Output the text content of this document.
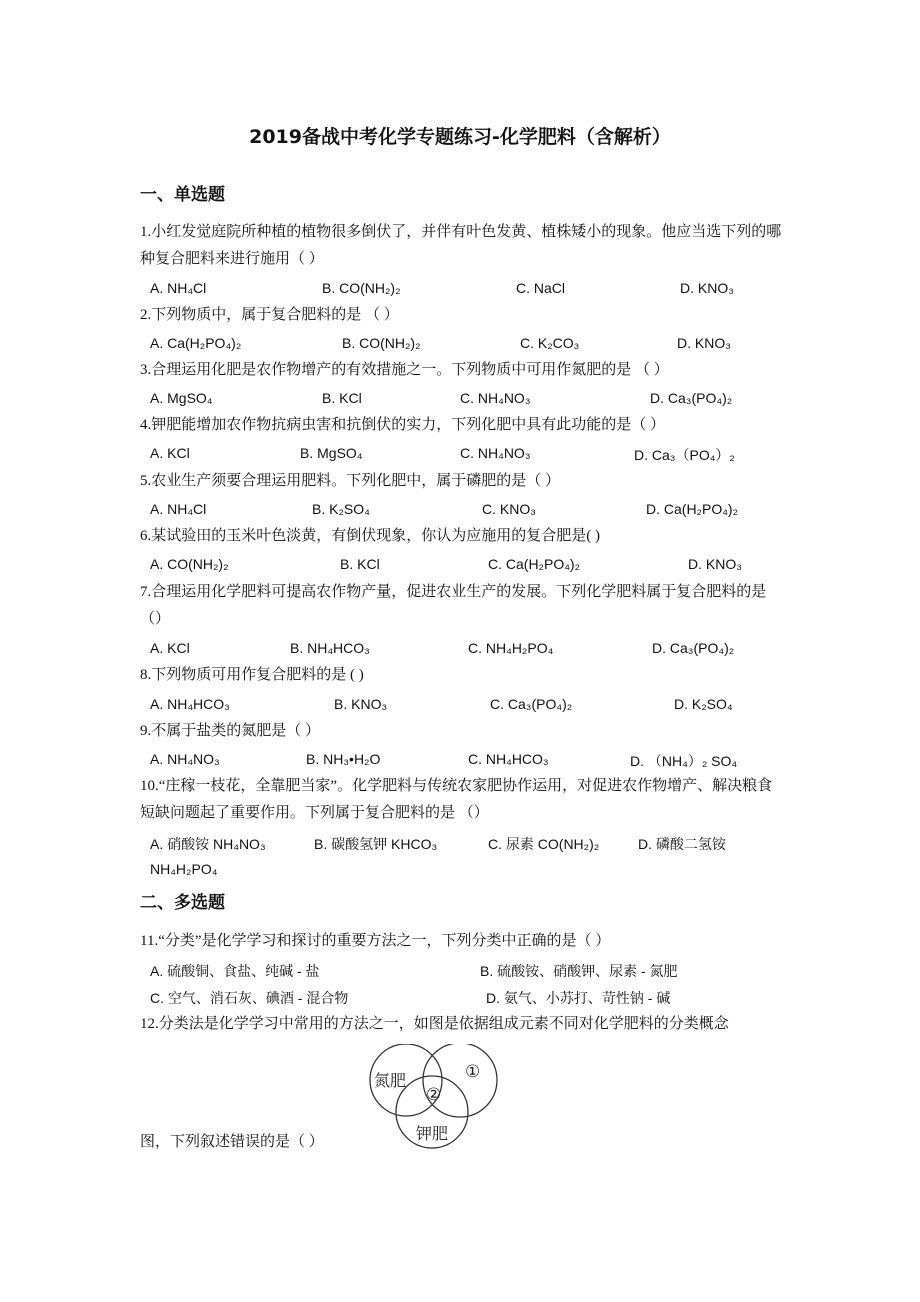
2019备战中考化学专题练习-化学肥料（含解析）
一、单选题
1.小红发觉庭院所种植的植物很多倒伏了，并伴有叶色发黄、植株矮小的现象。他应当选下列的哪种复合肥料来进行施用（ ）
A. NH₄Cl	B. CO(NH₂)₂	C. NaCl	D. KNO₃
2.下列物质中，属于复合肥料的是 （ ）
A. Ca(H₂PO₄)₂	B. CO(NH₂)₂	C. K₂CO₃	D. KNO₃
3.合理运用化肥是农作物增产的有效措施之一。下列物质中可用作氮肥的是 （ ）
A. MgSO₄	B. KCl	C. NH₄NO₃	D. Ca₃(PO₄)₂
4.钾肥能增加农作物抗病虫害和抗倒伏的实力，下列化肥中具有此功能的是（ ）
A. KCl	B. MgSO₄	C. NH₄NO₃	D. Ca₃（PO₄）₂
5.农业生产须要合理运用肥料。下列化肥中，属于磷肥的是（ ）
A. NH₄Cl	B. K₂SO₄	C. KNO₃	D. Ca(H₂PO₄)₂
6.某试验田的玉米叶色淡黄，有倒伏现象，你认为应施用的复合肥是( )
A. CO(NH₂)₂	B. KCl	C. Ca(H₂PO₄)₂	D. KNO₃
7.合理运用化学肥料可提高农作物产量，促进农业生产的发展。下列化学肥料属于复合肥料的是（）
A. KCl	B. NH₄HCO₃	C. NH₄H₂PO₄	D. Ca₃(PO₄)₂
8.下列物质可用作复合肥料的是 ( )
A. NH₄HCO₃	B. KNO₃	C. Ca₃(PO₄)₂	D. K₂SO₄
9.不属于盐类的氮肥是（ ）
A. NH₄NO₃	B. NH₃•H₂O	C. NH₄HCO₃	D. （NH₄）₂ SO₄
10.“庄稼一枝花，全靠肥当家”。化学肥料与传统农家肥协作运用，对促进农作物增产、解决粮食短缺问题起了重要作用。下列属于复合肥料的是 （）
A. 硝酸铵 NH₄NO₃	B. 碳酸氢钾 KHCO₃	C. 尿素 CO(NH₂)₂	D. 磷酸二氢铵
NH₄H₂PO₄
二、多选题
11.“分类”是化学学习和探讨的重要方法之一，下列分类中正确的是（ ）
A. 硫酸铜、食盐、纯碱 - 盐	B. 硫酸铵、硝酸钾、尿素 - 氮肥
C. 空气、消石灰、碘酒 - 混合物	D. 氨气、小苏打、苛性钠 - 碱
12.分类法是化学学习中常用的方法之一，如图是依据组成元素不同对化学肥料的分类概念
氮肥	①
②
钾肥
图，下列叙述错误的是（ ）
